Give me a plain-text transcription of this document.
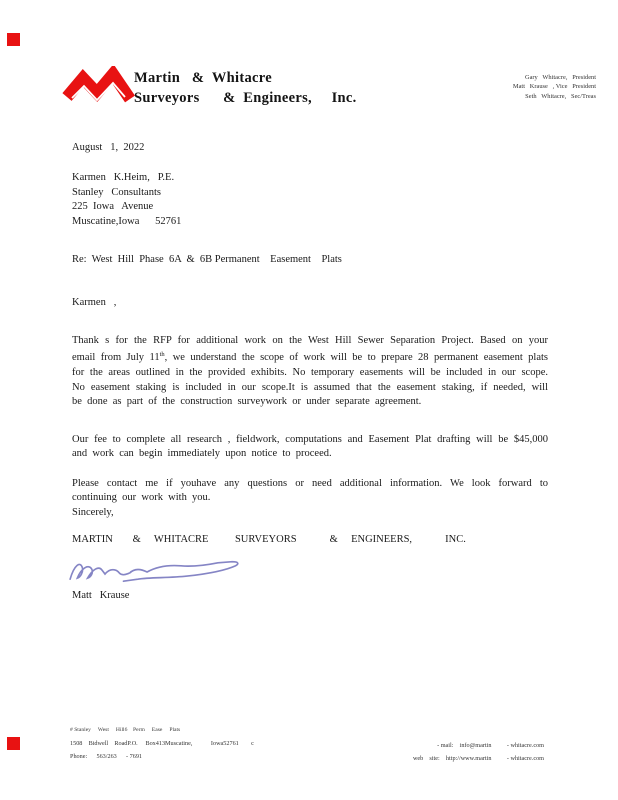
Martin   &  Whitacre
Surveyors      &  Engineers,     Inc.
Gary   Whitacre,   President
Matt   Krause   , Vice   President
Seth   Whitacre,   Sec/Treas
August   1,  2022
Karmen   K.Heim,   P.E.
Stanley   Consultants
225  Iowa   Avenue
Muscatine,Iowa      52761
Re:  West  Hill  Phase  6A  &  6B Permanent    Easement    Plats
Karmen   ,

Thank s for the RFP for additional work on the West Hill Sewer Separation Project. Based on your email from July 11th, we understand the scope of work will be to prepare 28 permanent easement plats for the areas outlined in the provided exhibits. No temporary easements will be included in our scope. No easement staking is included in our scope.It is assumed that the easement staking, if needed, will be done as part of the construction surveywork or under separate agreement.

Our fee to complete all research , fieldwork, computations and Easement Plat drafting will be $45,000 and work can begin immediately upon notice to proceed.

Please contact me if youhave any questions or need additional information. We look forward to continuing our work with you.

Sincerely,
MARTIN   &  WHITACRE    SURVEYORS     &  ENGINEERS,     INC.
Matt   Krause
# Stanley     West     Hill6    Perm     Ease     Plats
1508    Bidwell    RoadP.O.     Box413Muscatine,            Iowa52761        c
Phone:      563/263      - 7691
- mail:    info@martin          - whitacre.com
web    site:    http://www.martin          - whitacre.com
